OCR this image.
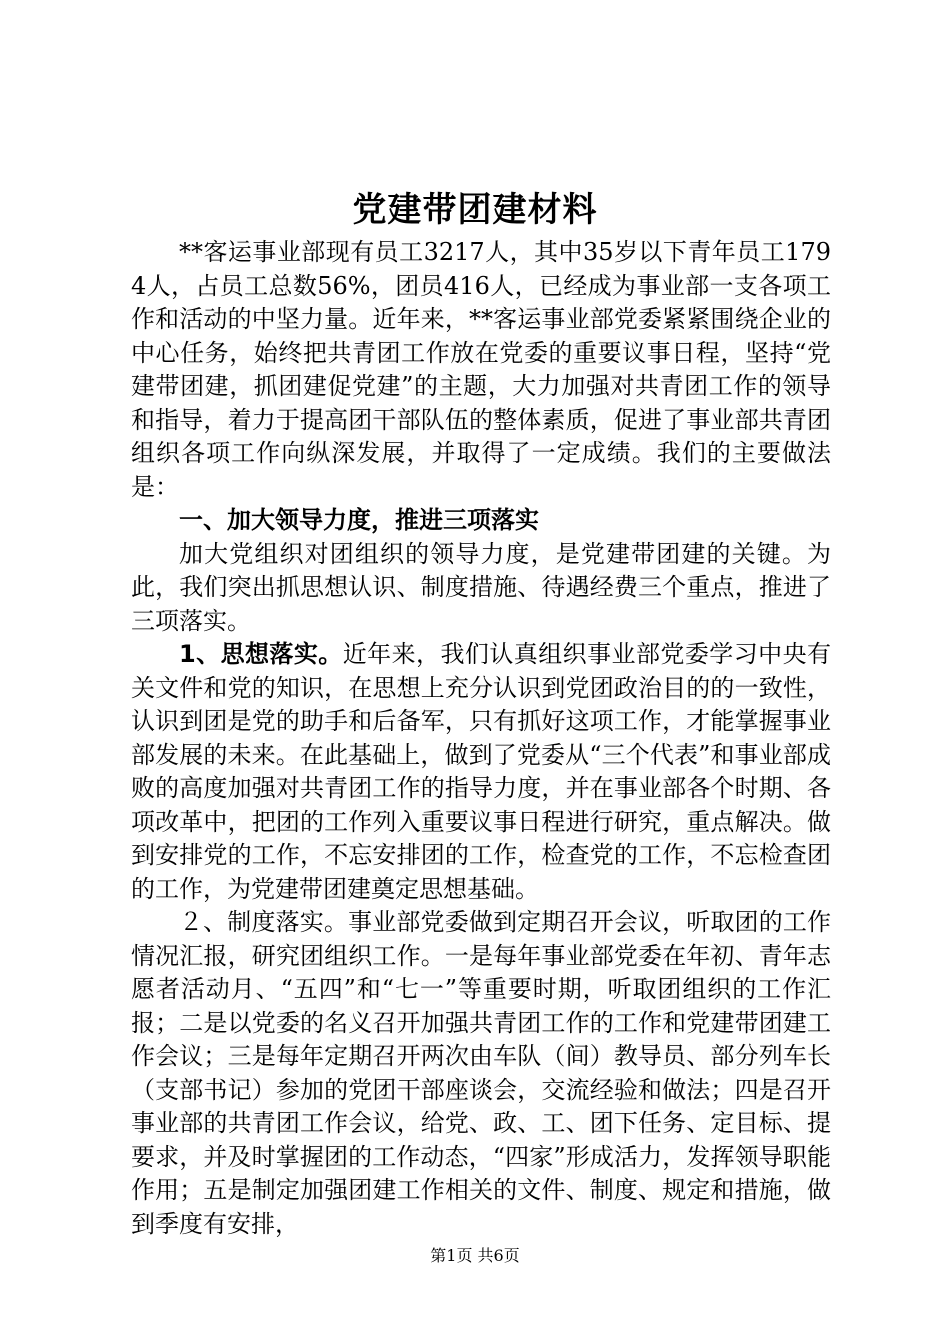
党建带团建材料

**客运事业部现有员工3217人，其中35岁以下青年员工1794人，占员工总数56%，团员416人，已经成为事业部一支各项工作和活动的中坚力量。近年来，**客运事业部党委紧紧围绕企业的中心任务，始终把共青团工作放在党委的重要议事日程，坚持“党建带团建，抓团建促党建”的主题，大力加强对共青团工作的领导和指导，着力于提高团干部队伍的整体素质，促进了事业部共青团组织各项工作向纵深发展，并取得了一定成绩。我们的主要做法是：

一、加大领导力度，推进三项落实

加大党组织对团组织的领导力度，是党建带团建的关键。为此，我们突出抓思想认识、制度措施、待遇经费三个重点，推进了三项落实。

1、思想落实。近年来，我们认真组织事业部党委学习中央有关文件和党的知识，在思想上充分认识到党团政治目的的一致性，认识到团是党的助手和后备军，只有抓好这项工作，才能掌握事业部发展的未来。在此基础上，做到了党委从“三个代表”和事业部成败的高度加强对共青团工作的指导力度，并在事业部各个时期、各项改革中，把团的工作列入重要议事日程进行研究，重点解决。做到安排党的工作，不忘安排团的工作，检查党的工作，不忘检查团的工作，为党建带团建奠定思想基础。

２、制度落实。事业部党委做到定期召开会议，听取团的工作情况汇报，研究团组织工作。一是每年事业部党委在年初、青年志愿者活动月、“五四”和“七一”等重要时期，听取团组织的工作汇报；二是以党委的名义召开加强共青团工作的工作和党建带团建工作会议；三是每年定期召开两次由车队（间）教导员、部分列车长（支部书记）参加的党团干部座谈会，交流经验和做法；四是召开事业部的共青团工作会议，给党、政、工、团下任务、定目标、提要求，并及时掌握团的工作动态，“四家”形成活力，发挥领导职能作用；五是制定加强团建工作相关的文件、制度、规定和措施，做到季度有安排，

第1页 共6页
